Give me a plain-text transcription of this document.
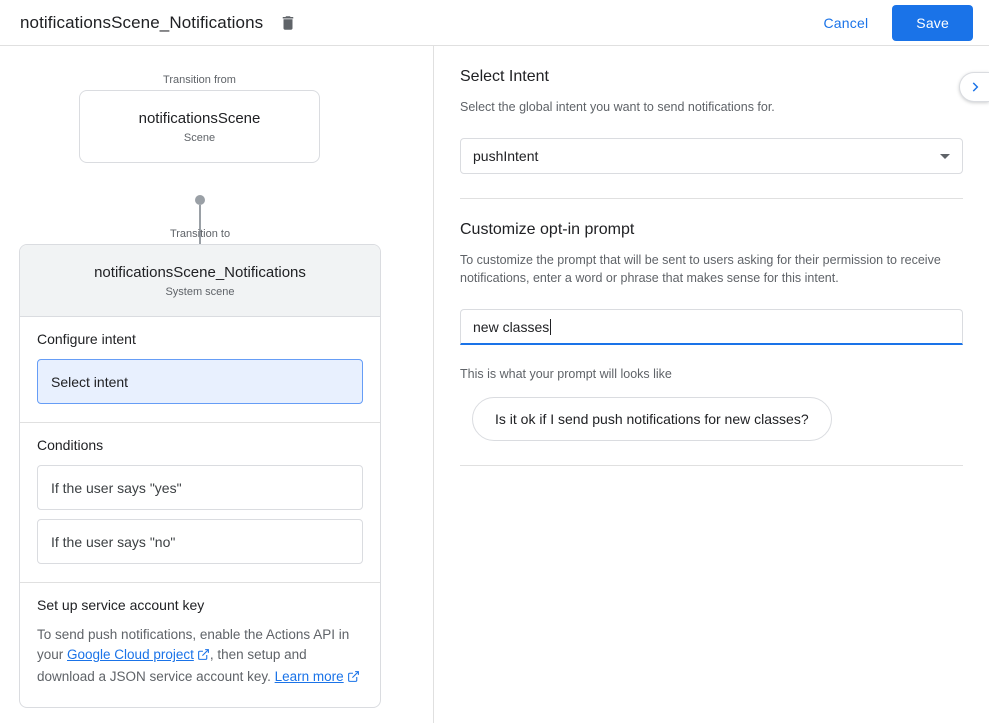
notificationsScene_Notifications	Cancel	Save
Transition from
notificationsScene
Scene
Transition to
notificationsScene_Notifications
System scene
Configure intent
Select intent
Conditions
If the user says "yes"
If the user says "no"
Set up service account key
To send push notifications, enable the Actions API in your Google Cloud project , then setup and download a JSON service account key. Learn more
Select Intent
Select the global intent you want to send notifications for.
pushIntent
Customize opt-in prompt
To customize the prompt that will be sent to users asking for their permission to receive notifications, enter a word or phrase that makes sense for this intent.
new classes
This is what your prompt will looks like
Is it ok if I send push notifications for new classes?
